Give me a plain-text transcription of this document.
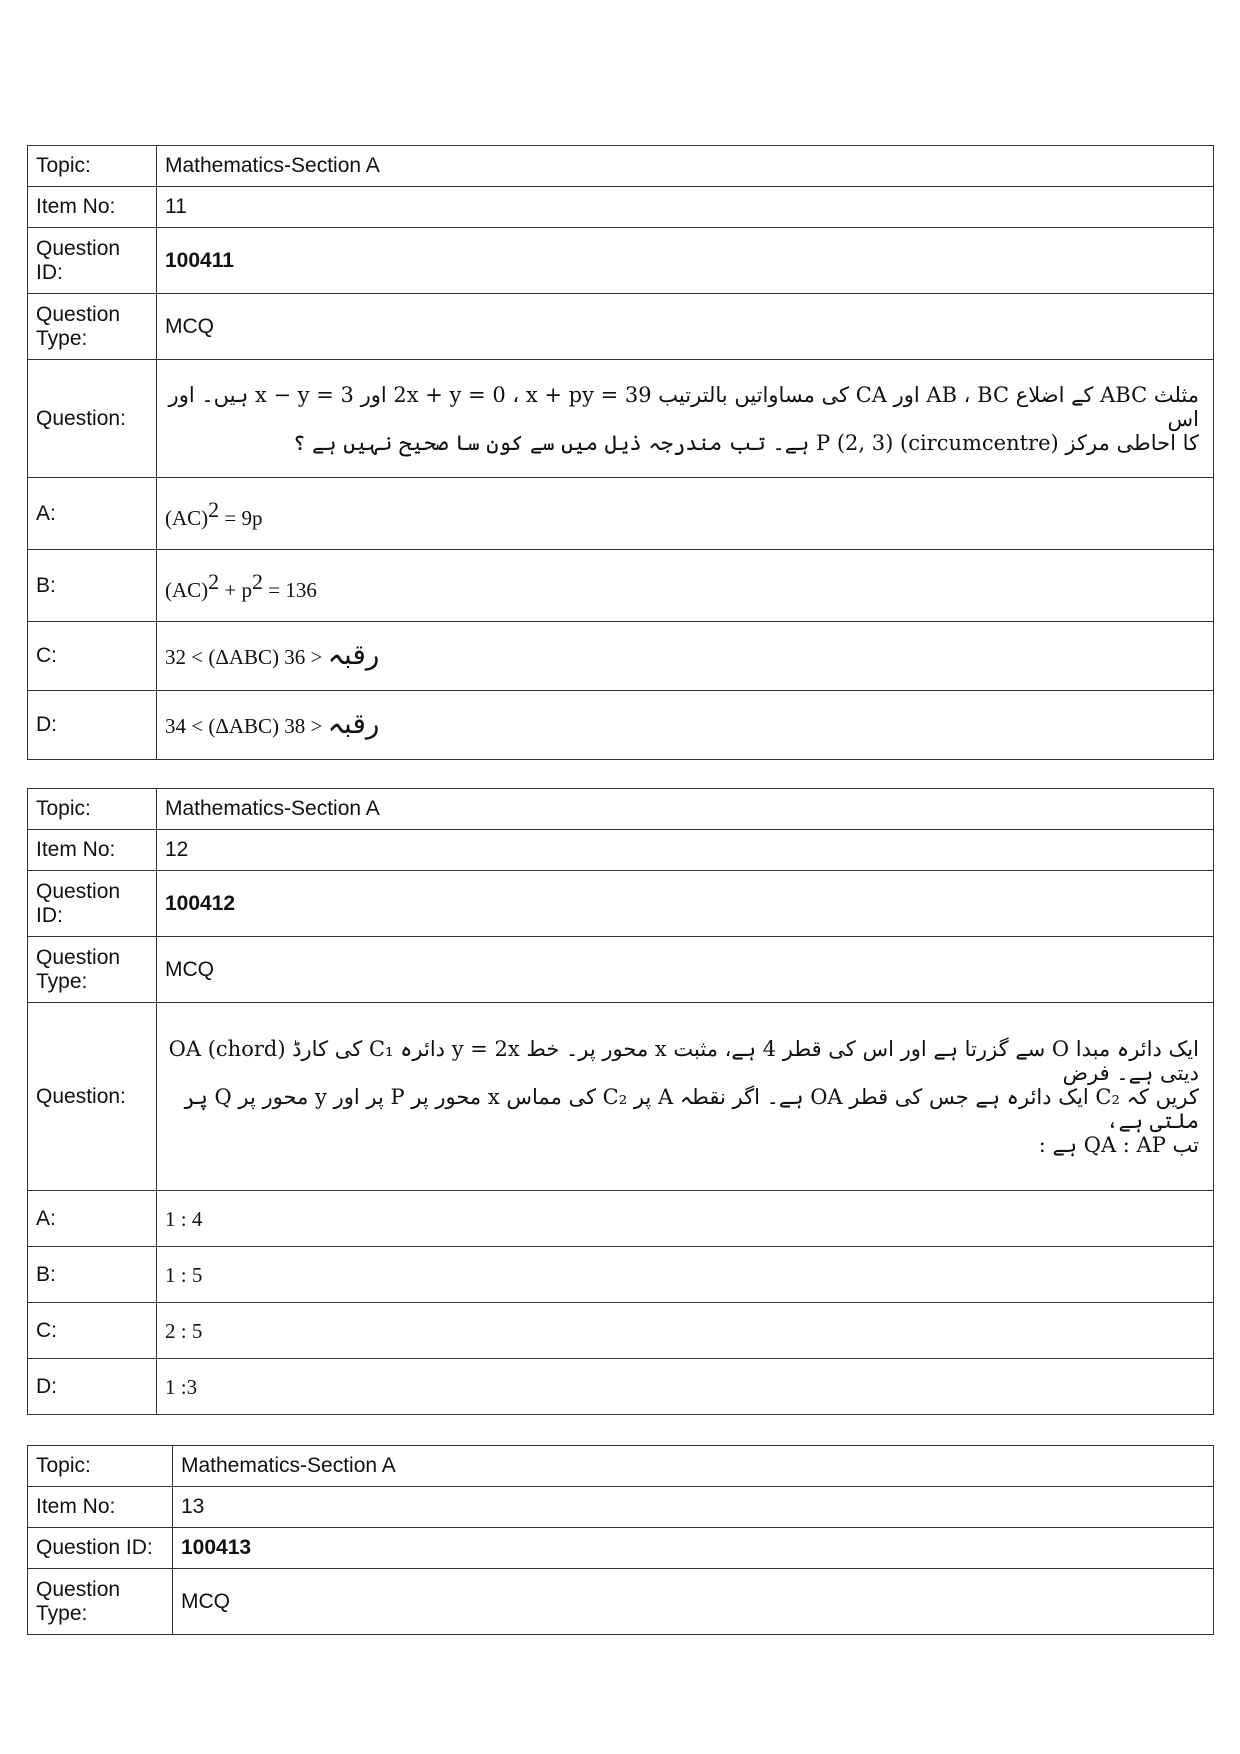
Topic:	Mathematics-Section A
Item No:	11
Question ID:	100411
Question Type:	MCQ
Question:	مثلث ABC کے اضلاع AB ، BC اور CA کی مساواتیں بالترتیب 2x + y = 0 ، x + py = 39 اور x − y = 3 ہیں۔ اور اس
کا احاطی مرکز (circumcentre) P (2, 3) ہے۔ تب مندرجہ ذیل میں سے کون سا صحیح نہیں ہے ؟

A:	(AC)$^2$ = 9p
B:	$(AC)^2 + p^2 = 136$
C:	32 < (ΔABC) رقبہ < 36
D:	34 < (ΔABC) رقبہ < 38
Topic:	Mathematics-Section A
Item No:	12
Question ID:	100412
Question Type:	MCQ
Question:	ایک دائرہ مبدا O سے گزرتا ہے اور اس کی قطر 4 ہے، مثبت x محور پر۔ خط y = 2x دائرہ C₁ کی کارڈ OA (chord) دیتی ہے۔ فرض
کریں کہ C₂ ایک دائرہ ہے جس کی قطر OA ہے۔ اگر نقطہ A پر C₂ کی مماس x محور پر P پر اور y محور پر Q پر ملتی ہے،
تب QA : AP ہے :

A:	1 : 4
B:	1 : 5
C:	2 : 5
D:	1 :3
Topic:	Mathematics-Section A
Item No:	13
Question ID:	100413
Question Type:	MCQ
